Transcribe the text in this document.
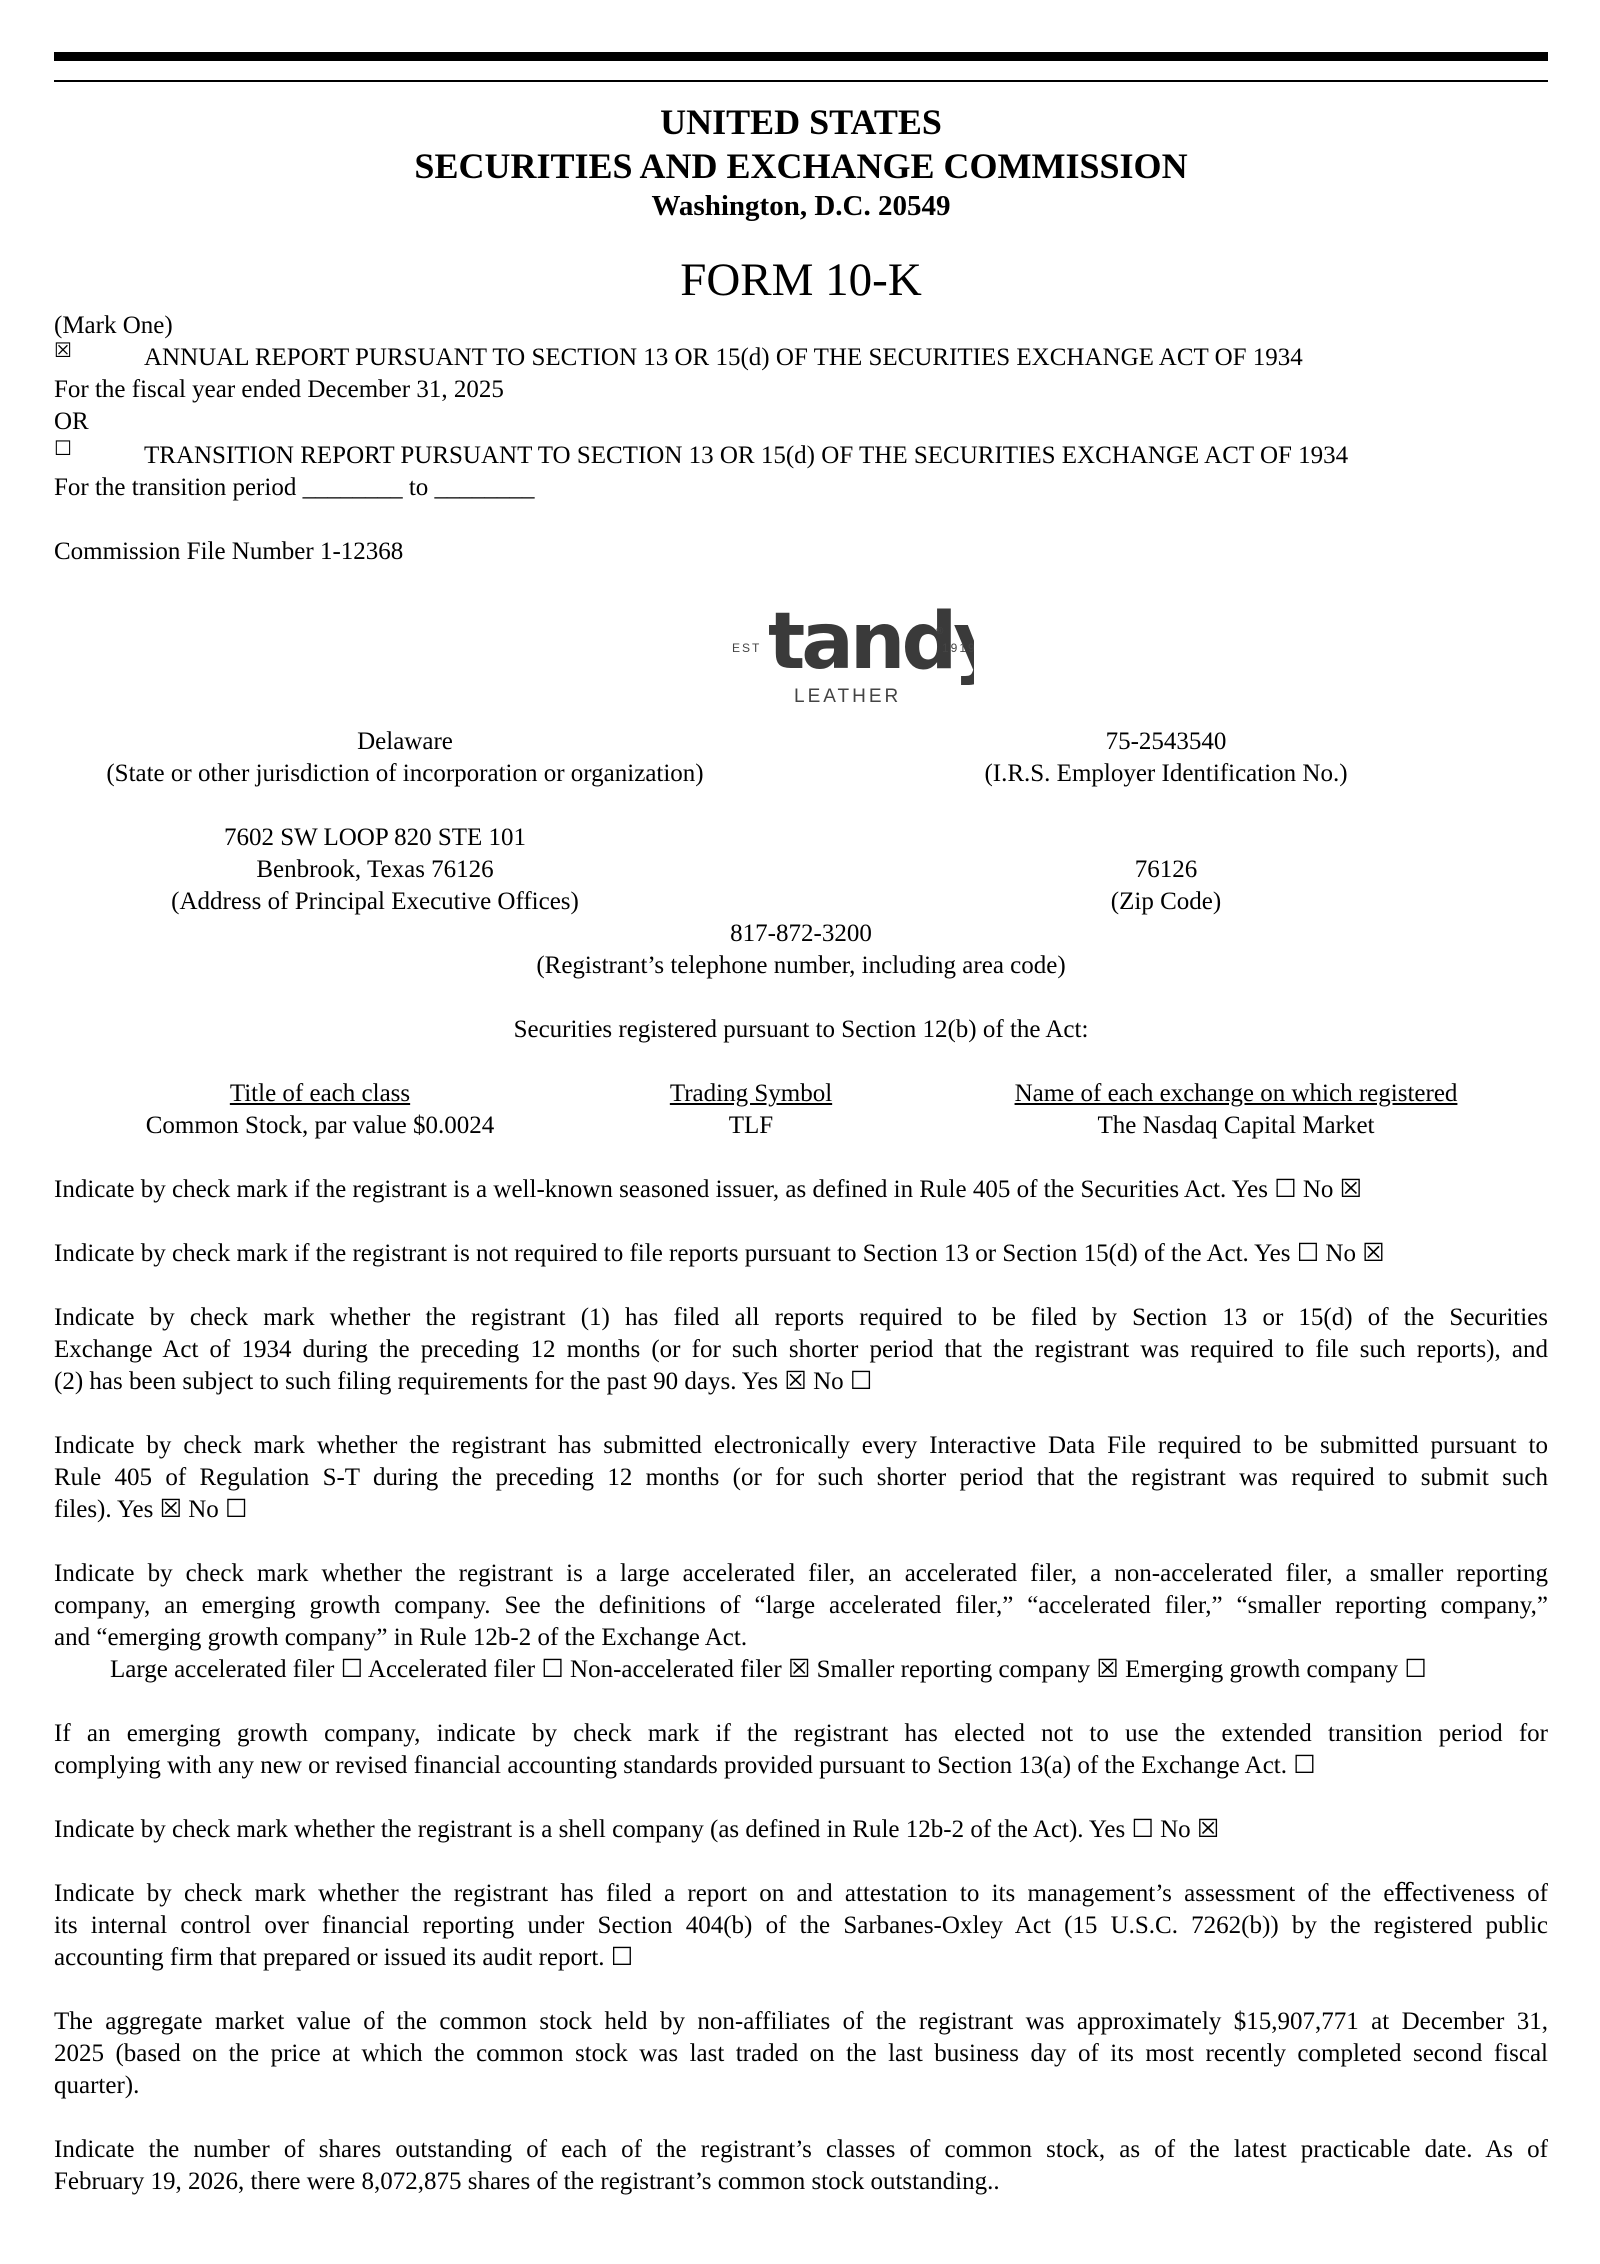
UNITED STATES
SECURITIES AND EXCHANGE COMMISSION
Washington, D.C. 20549
FORM 10-K
(Mark One)
☒	ANNUAL REPORT PURSUANT TO SECTION 13 OR 15(d) OF THE SECURITIES EXCHANGE ACT OF 1934
For the fiscal year ended December 31, 2025
OR
☐	TRANSITION REPORT PURSUANT TO SECTION 13 OR 15(d) OF THE SECURITIES EXCHANGE ACT OF 1934
For the transition period ________ to ________
Commission File Number 1-12368
EST tand
®
1919
LEATHER
Delaware
(State or other jurisdiction of incorporation or organization)
75-2543540
(I.R.S. Employer Identification No.)
7602 SW LOOP 820 STE 101
Benbrook, Texas 76126
(Address of Principal Executive Offices)
76126
(Zip Code)
817-872-3200
(Registrant’s telephone number, including area code)
Securities registered pursuant to Section 12(b) of the Act:
Title of each class	Trading Symbol	Name of each exchange on which registered
Common Stock, par value $0.0024	TLF	The Nasdaq Capital Market
Indicate by check mark if the registrant is a well-known seasoned issuer, as defined in Rule 405 of the Securities Act. Yes ☐ No ☒
Indicate by check mark if the registrant is not required to file reports pursuant to Section 13 or Section 15(d) of the Act. Yes ☐ No ☒
Indicate by check mark whether the registrant (1) has filed all reports required to be filed by Section 13 or 15(d) of the Securities
Exchange Act of 1934 during the preceding 12 months (or for such shorter period that the registrant was required to file such reports), and
(2) has been subject to such filing requirements for the past 90 days. Yes ☒ No ☐
Indicate by check mark whether the registrant has submitted electronically every Interactive Data File required to be submitted pursuant to
Rule 405 of Regulation S-T during the preceding 12 months (or for such shorter period that the registrant was required to submit such
files). Yes ☒ No ☐
Indicate by check mark whether the registrant is a large accelerated filer, an accelerated filer, a non-accelerated filer, a smaller reporting
company, an emerging growth company. See the definitions of “large accelerated filer,” “accelerated filer,” “smaller reporting company,”
and “emerging growth company” in Rule 12b-2 of the Exchange Act.
Large accelerated filer ☐ Accelerated filer ☐ Non-accelerated filer ☒ Smaller reporting company ☒ Emerging growth company ☐
If an emerging growth company, indicate by check mark if the registrant has elected not to use the extended transition period for
complying with any new or revised financial accounting standards provided pursuant to Section 13(a) of the Exchange Act. ☐
Indicate by check mark whether the registrant is a shell company (as defined in Rule 12b-2 of the Act). Yes ☐ No ☒
Indicate by check mark whether the registrant has filed a report on and attestation to its management’s assessment of the eﬀectiveness of
its internal control over financial reporting under Section 404(b) of the Sarbanes-Oxley Act (15 U.S.C. 7262(b)) by the registered public
accounting firm that prepared or issued its audit report. ☐
The aggregate market value of the common stock held by non-affiliates of the registrant was approximately $15,907,771 at December 31,
2025 (based on the price at which the common stock was last traded on the last business day of its most recently completed second fiscal
quarter).
Indicate the number of shares outstanding of each of the registrant’s classes of common stock, as of the latest practicable date. As of
February 19, 2026, there were 8,072,875 shares of the registrant’s common stock outstanding..
